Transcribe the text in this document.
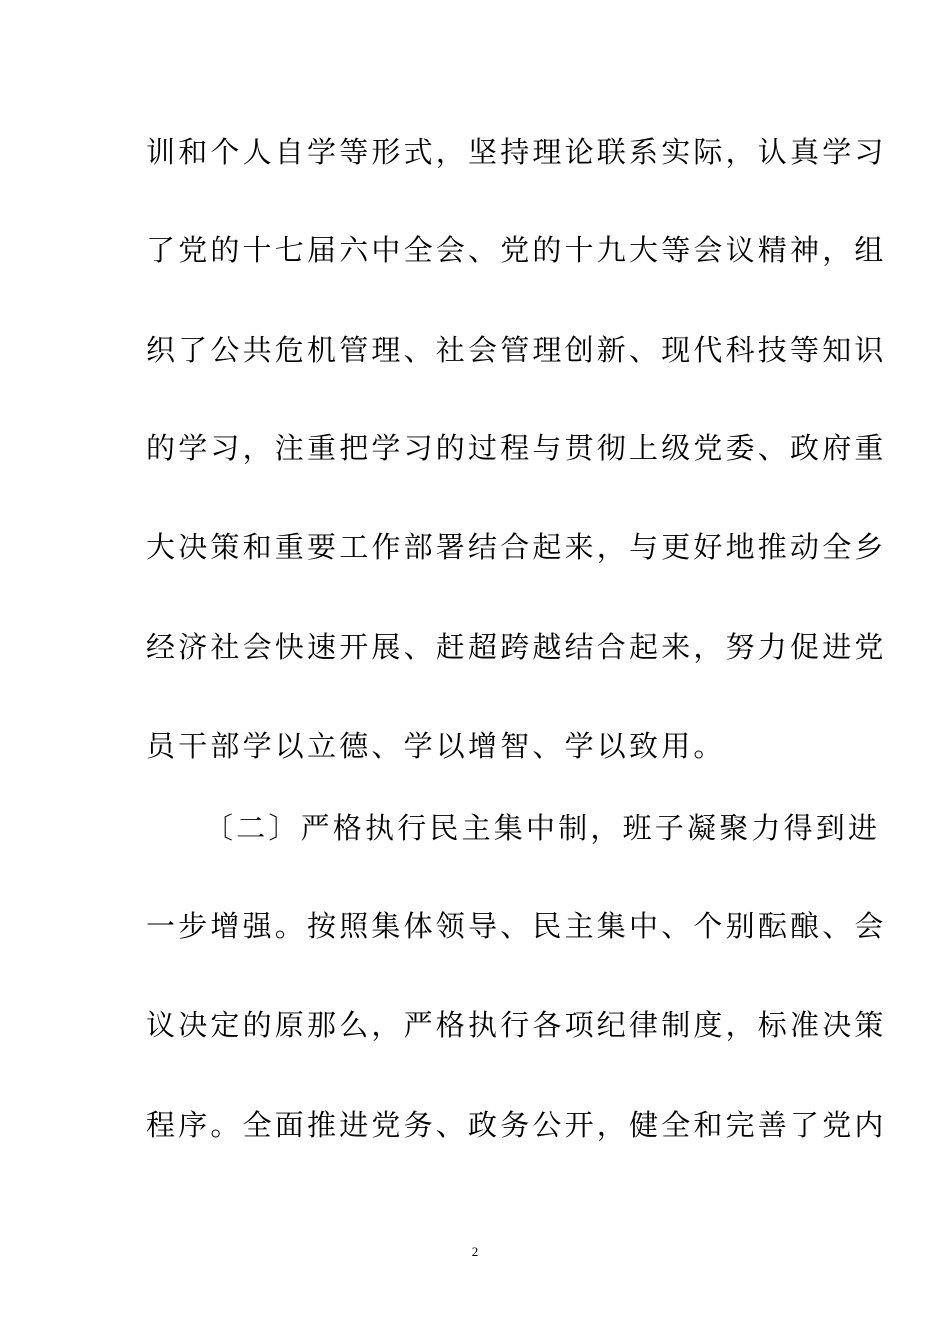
训和个人自学等形式，坚持理论联系实际，认真学习
了党的十七届六中全会、党的十九大等会议精神，组
织了公共危机管理、社会管理创新、现代科技等知识
的学习，注重把学习的过程与贯彻上级党委、政府重
大决策和重要工作部署结合起来，与更好地推动全乡
经济社会快速开展、赶超跨越结合起来，努力促进党
员干部学以立德、学以增智、学以致用。
〔二〕严格执行民主集中制，班子凝聚力得到进
一步增强。按照集体领导、民主集中、个别酝酿、会
议决定的原那么，严格执行各项纪律制度，标准决策
程序。全面推进党务、政务公开，健全和完善了党内
2
